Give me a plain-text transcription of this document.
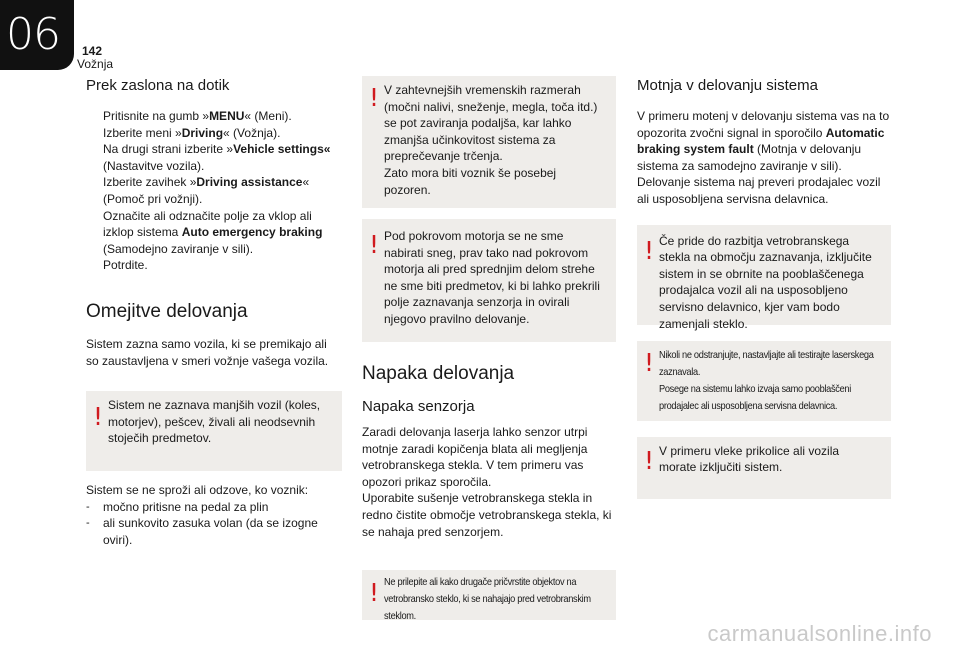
06 142
Vožnja
Prek zaslona na dotik
Pritisnite na gumb »MENU« (Meni).
Izberite meni »Driving« (Vožnja).
Na drugi strani izberite »Vehicle settings« (Nastavitve vozila).
Izberite zavihek »Driving assistance« (Pomoč pri vožnji).
Označite ali odznačite polje za vklop ali izklop sistema Auto emergency braking (Samodejno zaviranje v sili).
Potrdite.
Omejitve delovanja

Sistem zazna samo vozila, ki se premikajo ali so zaustavljena v smeri vožnje vašega vozila.

! Sistem ne zaznava manjših vozil (koles, motorjev), pešcev, živali ali neodsevnih stoječih predmetov.

Sistem se ne sproži ali odzove, ko voznik:

- močno pritisne na pedal za plin
- ali sunkovito zasuka volan (da se izogne oviri).
! V zahtevnejših vremenskih razmerah (močni nalivi, sneženje, megla, toča itd.) se pot zaviranja podaljša, kar lahko zmanjša učinkovitost sistema za preprečevanje trčenja.
Zato mora biti voznik še posebej pozoren.

! Pod pokrovom motorja se ne sme nabirati sneg, prav tako nad pokrovom motorja ali pred sprednjim delom strehe ne sme biti predmetov, ki bi lahko prekrili polje zaznavanja senzorja in ovirali njegovo pravilno delovanje.

Napaka delovanja
Napaka senzorja

Zaradi delovanja laserja lahko senzor utrpi motnje zaradi kopičenja blata ali megljenja vetrobranskega stekla. V tem primeru vas opozori prikaz sporočila.
Uporabite sušenje vetrobranskega stekla in redno čistite območje vetrobranskega stekla, ki se nahaja pred senzorjem.

! Ne prilepite ali kako drugače pričvrstite objektov na vetrobransko steklo, ki se nahajajo pred vetrobranskim steklom.

Motnja v delovanju sistema

V primeru motenj v delovanju sistema vas na to opozorita zvočni signal in sporočilo Automatic braking system fault (Motnja v delovanju sistema za samodejno zaviranje v sili).
Delovanje sistema naj preveri prodajalec vozil ali usposobljena servisna delavnica.

! Če pride do razbitja vetrobranskega stekla na območju zaznavanja, izključite sistem in se obrnite na pooblaščenega prodajalca vozil ali na usposobljeno servisno delavnico, kjer vam bodo zamenjali steklo.

! Nikoli ne odstranjujte, nastavljajte ali testirajte laserskega zaznavala.
Posege na sistemu lahko izvaja samo pooblaščeni prodajalec ali usposobljena servisna delavnica.

! V primeru vleke prikolice ali vozila morate izključiti sistem.

carmanualsonline.info
